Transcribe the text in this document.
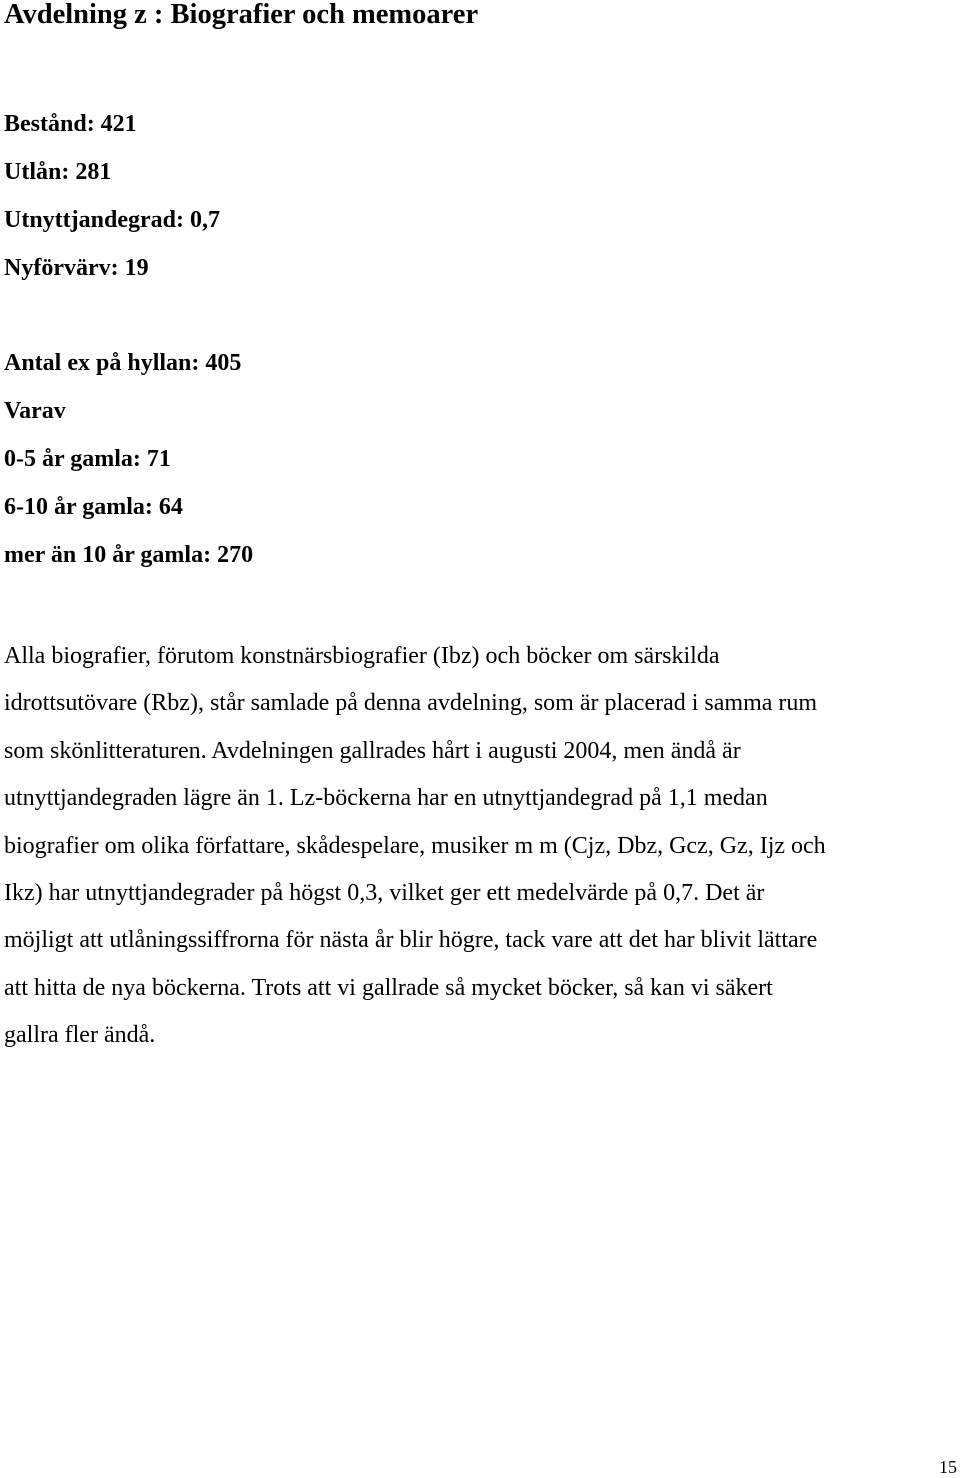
Avdelning z : Biografier och memoarer
Bestånd: 421
Utlån: 281
Utnyttjandegrad: 0,7
Nyförvärv: 19
Antal ex på hyllan: 405
Varav
0-5 år gamla: 71
6-10 år gamla: 64
mer än 10 år gamla: 270

Alla biografier, förutom konstnärsbiografier (Ibz) och böcker om särskilda
idrottsutövare (Rbz), står samlade på denna avdelning, som är placerad i samma rum
som skönlitteraturen. Avdelningen gallrades hårt i augusti 2004, men ändå är
utnyttjandegraden lägre än 1. Lz-böckerna har en utnyttjandegrad på 1,1 medan
biografier om olika författare, skådespelare, musiker m m (Cjz, Dbz, Gcz, Gz, Ijz och
Ikz) har utnyttjandegrader på högst 0,3, vilket ger ett medelvärde på 0,7. Det är
möjligt att utlåningssiffrorna för nästa år blir högre, tack vare att det har blivit lättare
att hitta de nya böckerna. Trots att vi gallrade så mycket böcker, så kan vi säkert
gallra fler ändå.

15
